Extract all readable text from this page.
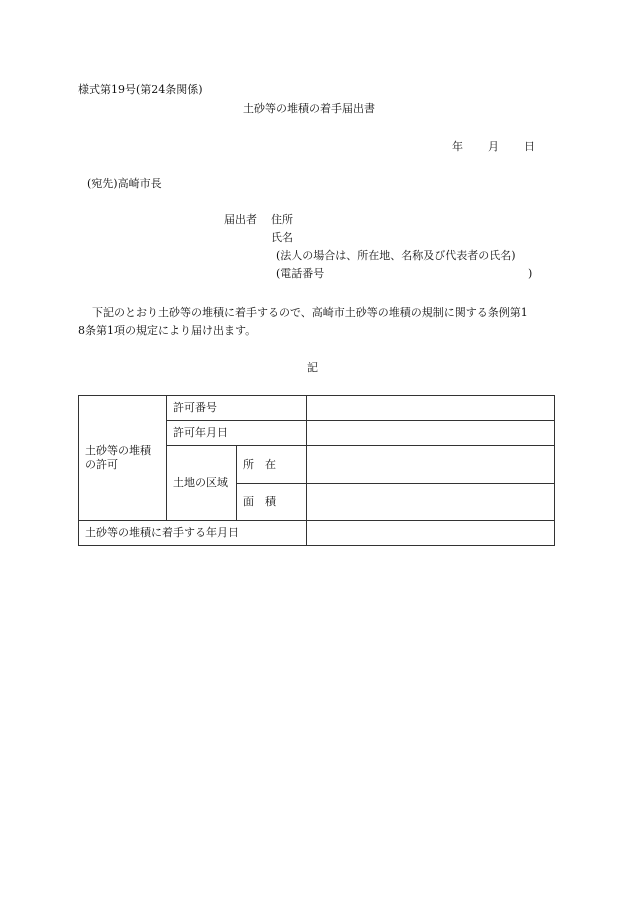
様式第19号(第24条関係)
土砂等の堆積の着手届出書
年 月 日
(宛先)高崎市長
届出者 住所
氏名
(法人の場合は、所在地、名称及び代表者の氏名)
(電話番号	)
下記のとおり土砂等の堆積に着手するので、高崎市土砂等の堆積の規制に関する条例第1
8条第1項の規定により届け出ます。
記
土砂等の堆積
の許可	許可番号		
	許可年月日		
	土地の区域	所　在	
		面　積	
土砂等の堆積に着手する年月日			
